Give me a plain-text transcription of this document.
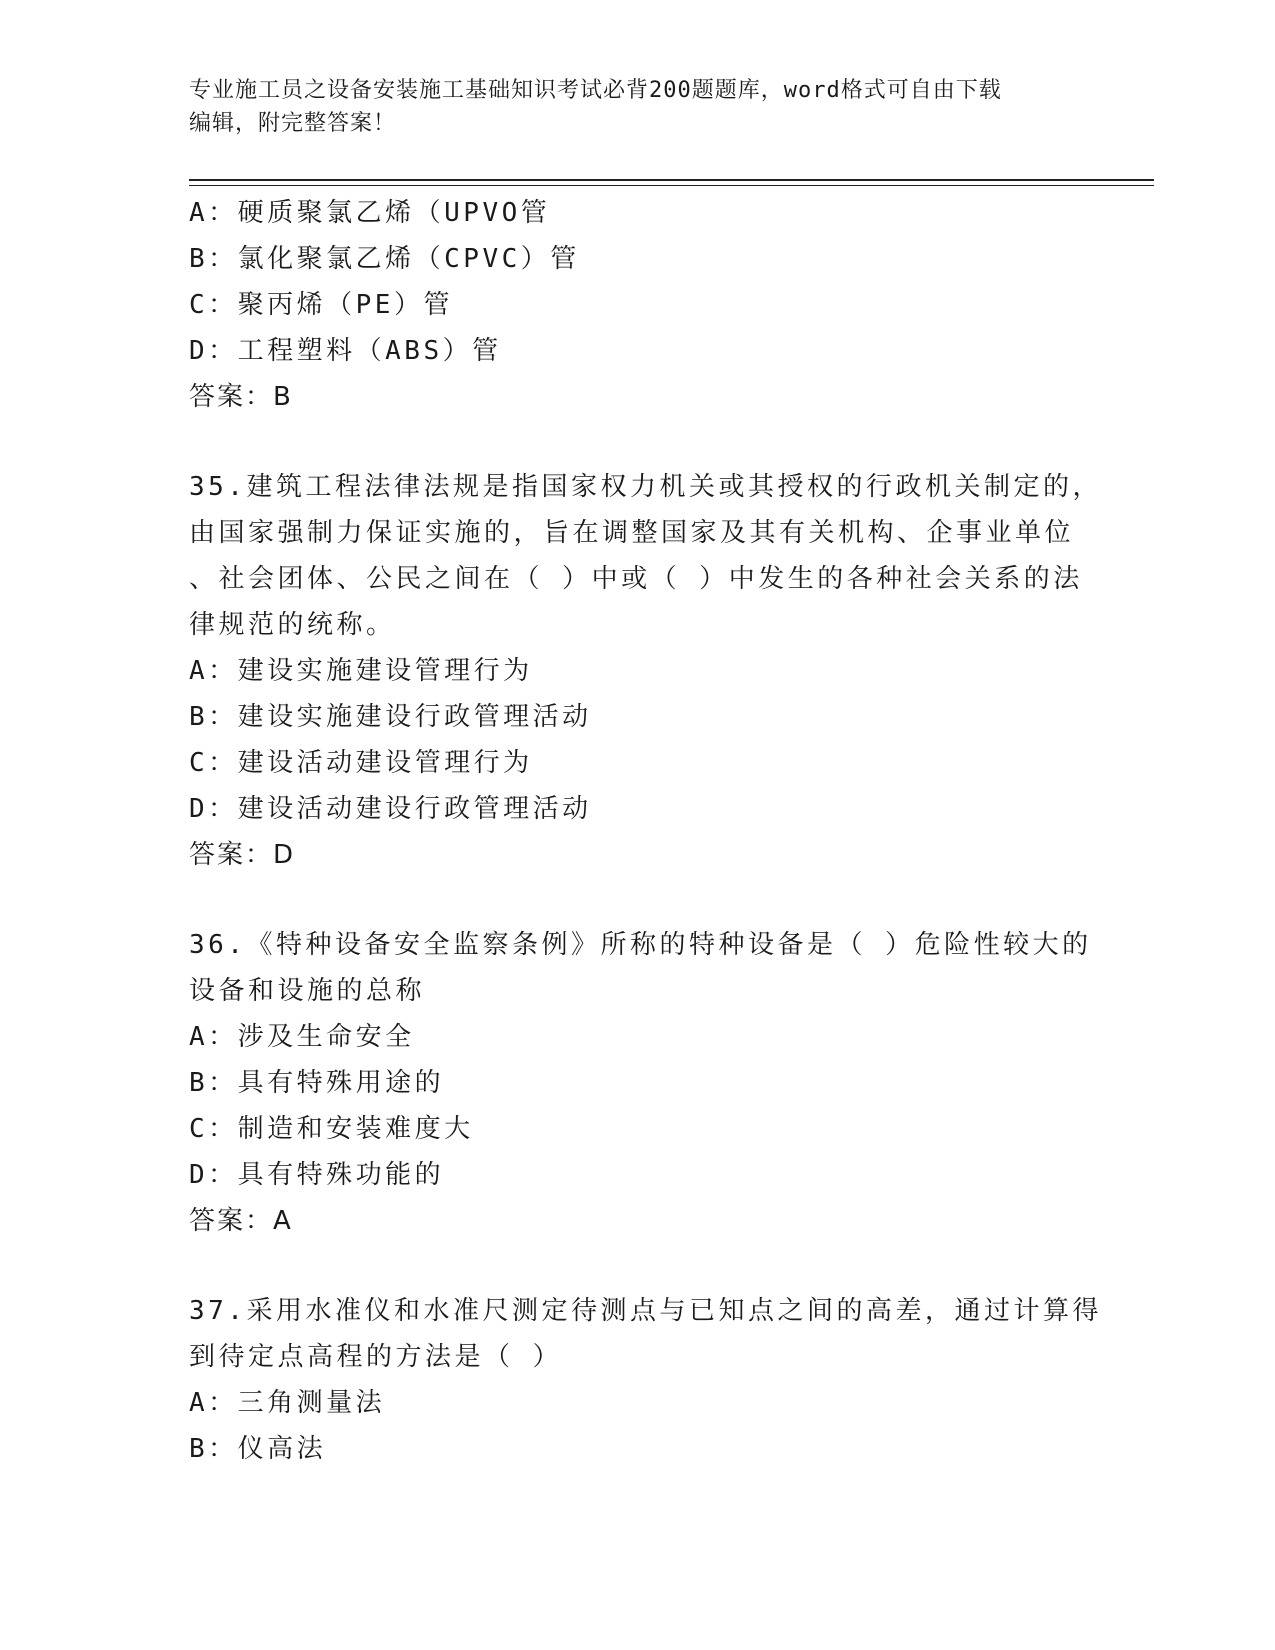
专业施工员之设备安装施工基础知识考试必背200题题库，word格式可自由下载
编辑，附完整答案！
A：硬质聚氯乙烯（UPVO管
B：氯化聚氯乙烯（CPVC）管
C：聚丙烯（PE）管
D：工程塑料（ABS）管
答案：B
35.建筑工程法律法规是指国家权力机关或其授权的行政机关制定的，
由国家强制力保证实施的，旨在调整国家及其有关机构、企事业单位
、社会团体、公民之间在（ ）中或（ ）中发生的各种社会关系的法
律规范的统称。
A：建设实施建设管理行为
B：建设实施建设行政管理活动
C：建设活动建设管理行为
D：建设活动建设行政管理活动
答案：D
36.《特种设备安全监察条例》所称的特种设备是（ ）危险性较大的
设备和设施的总称
A：涉及生命安全
B：具有特殊用途的
C：制造和安装难度大
D：具有特殊功能的
答案：A
37.采用水准仪和水准尺测定待测点与已知点之间的高差，通过计算得
到待定点高程的方法是（ ）
A：三角测量法
B：仪高法
